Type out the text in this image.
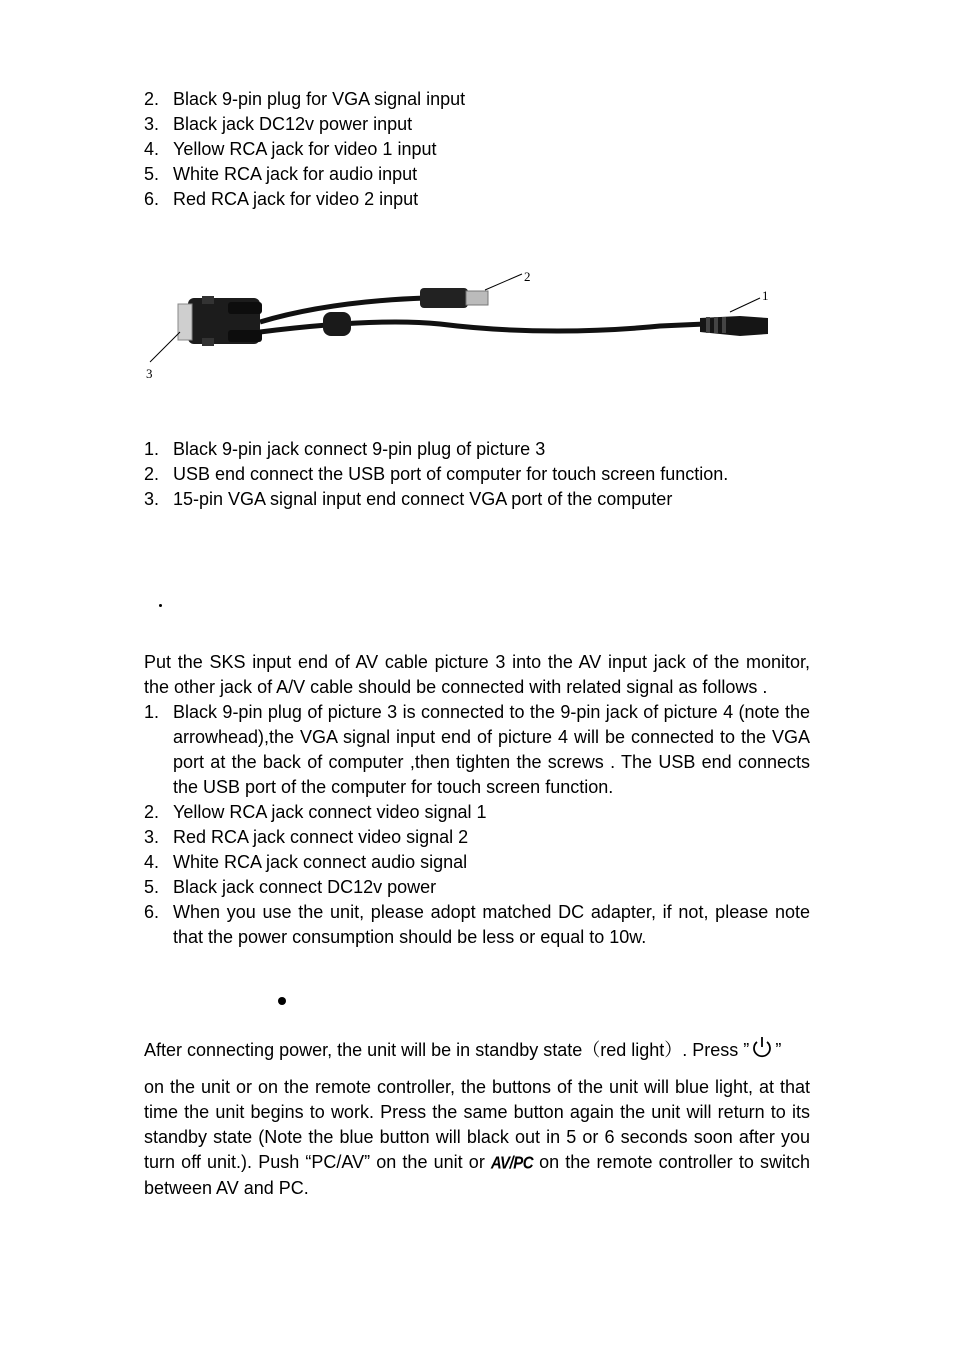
2. Black 9-pin plug for VGA signal input
3. Black jack DC12v power input
4. Yellow RCA jack for video 1 input
5. White RCA jack for audio input
6. Red RCA jack for video 2 input
2
1
3
1. Black 9-pin jack connect 9-pin plug of picture 3
2. USB end connect the USB port of computer for touch screen function.
3. 15-pin VGA signal input end connect VGA port of the computer
Put the SKS input end of AV cable picture 3 into the AV input jack of the monitor, the other jack of A/V cable should be connected with related signal as follows .
1. Black 9-pin plug of picture 3 is connected to the 9-pin jack of picture 4 (note the arrowhead),the VGA signal input end of picture 4 will be connected to the VGA port at the back of computer ,then tighten the screws . The USB end connects the USB port of the computer for touch screen function.
2. Yellow RCA jack connect video signal 1
3. Red RCA jack connect video signal 2
4. White RCA jack connect audio signal
5. Black jack connect DC12v power
6. When you use the unit, please adopt matched DC adapter, if not, please note that the power consumption should be less or equal to 10w.
After connecting power, the unit will be in standby state（red light）. Press ” ”
on the unit or on the remote controller, the buttons of the unit will blue light, at that time the unit begins to work. Press the same button again the unit will return to its standby state (Note the blue button will black out in 5 or 6 seconds soon after you turn off unit.). Push “PC/AV” on the unit or AV/PC on the remote controller to switch between AV and PC.
